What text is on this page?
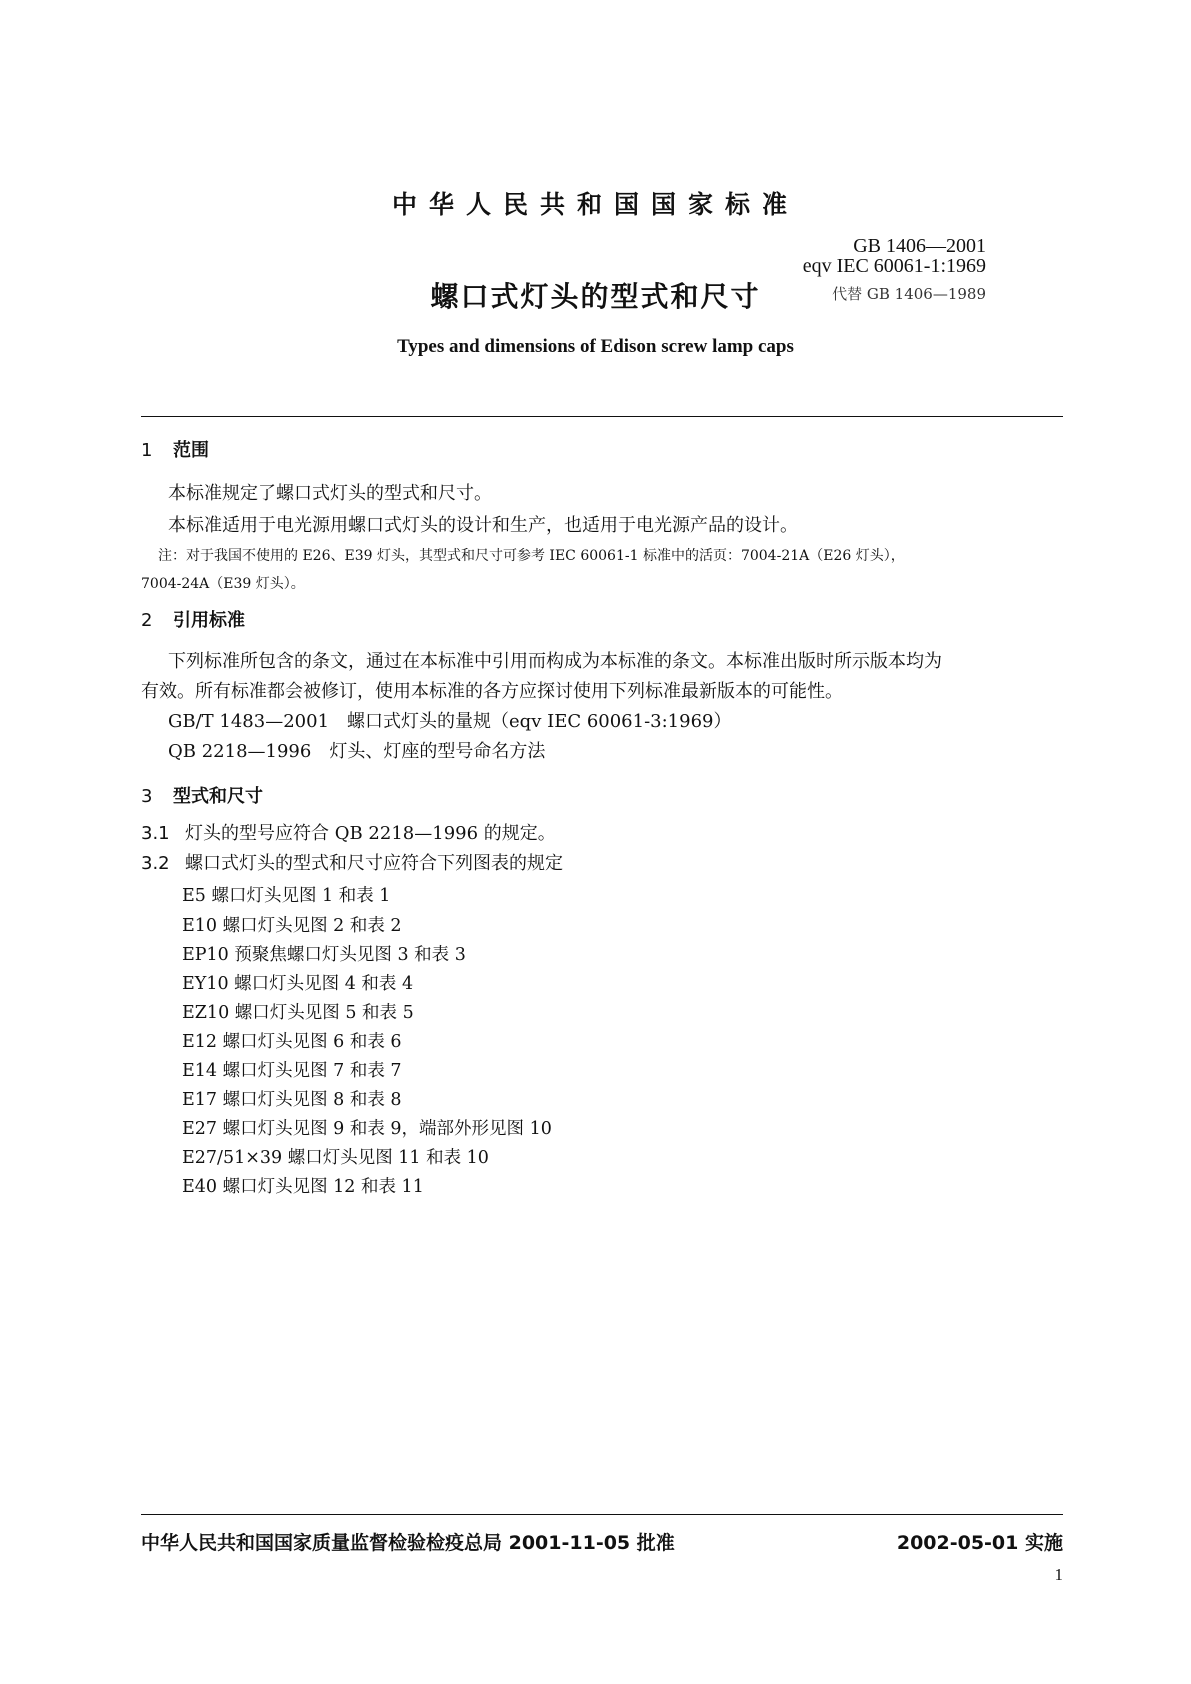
中华人民共和国国家标准
GB 1406—2001
eqv IEC 60061-1:1969
代替 GB 1406—1989
螺口式灯头的型式和尺寸
Types and dimensions of Edison screw lamp caps
1 范围
本标准规定了螺口式灯头的型式和尺寸。
本标准适用于电光源用螺口式灯头的设计和生产，也适用于电光源产品的设计。
注：对于我国不使用的 E26、E39 灯头，其型式和尺寸可参考 IEC 60061-1 标准中的活页：7004-21A（E26 灯头），
7004-24A（E39 灯头）。
2 引用标准
下列标准所包含的条文，通过在本标准中引用而构成为本标准的条文。本标准出版时所示版本均为
有效。所有标准都会被修订，使用本标准的各方应探讨使用下列标准最新版本的可能性。
GB/T 1483—2001　螺口式灯头的量规（eqv IEC 60061-3:1969）
QB 2218—1996　灯头、灯座的型号命名方法
3 型式和尺寸
3.1 灯头的型号应符合 QB 2218—1996 的规定。
3.2 螺口式灯头的型式和尺寸应符合下列图表的规定
E5 螺口灯头见图 1 和表 1
E10 螺口灯头见图 2 和表 2
EP10 预聚焦螺口灯头见图 3 和表 3
EY10 螺口灯头见图 4 和表 4
EZ10 螺口灯头见图 5 和表 5
E12 螺口灯头见图 6 和表 6
E14 螺口灯头见图 7 和表 7
E17 螺口灯头见图 8 和表 8
E27 螺口灯头见图 9 和表 9，端部外形见图 10
E27/51×39 螺口灯头见图 11 和表 10
E40 螺口灯头见图 12 和表 11
中华人民共和国国家质量监督检验检疫总局 2001-11-05 批准	2002-05-01 实施
1
